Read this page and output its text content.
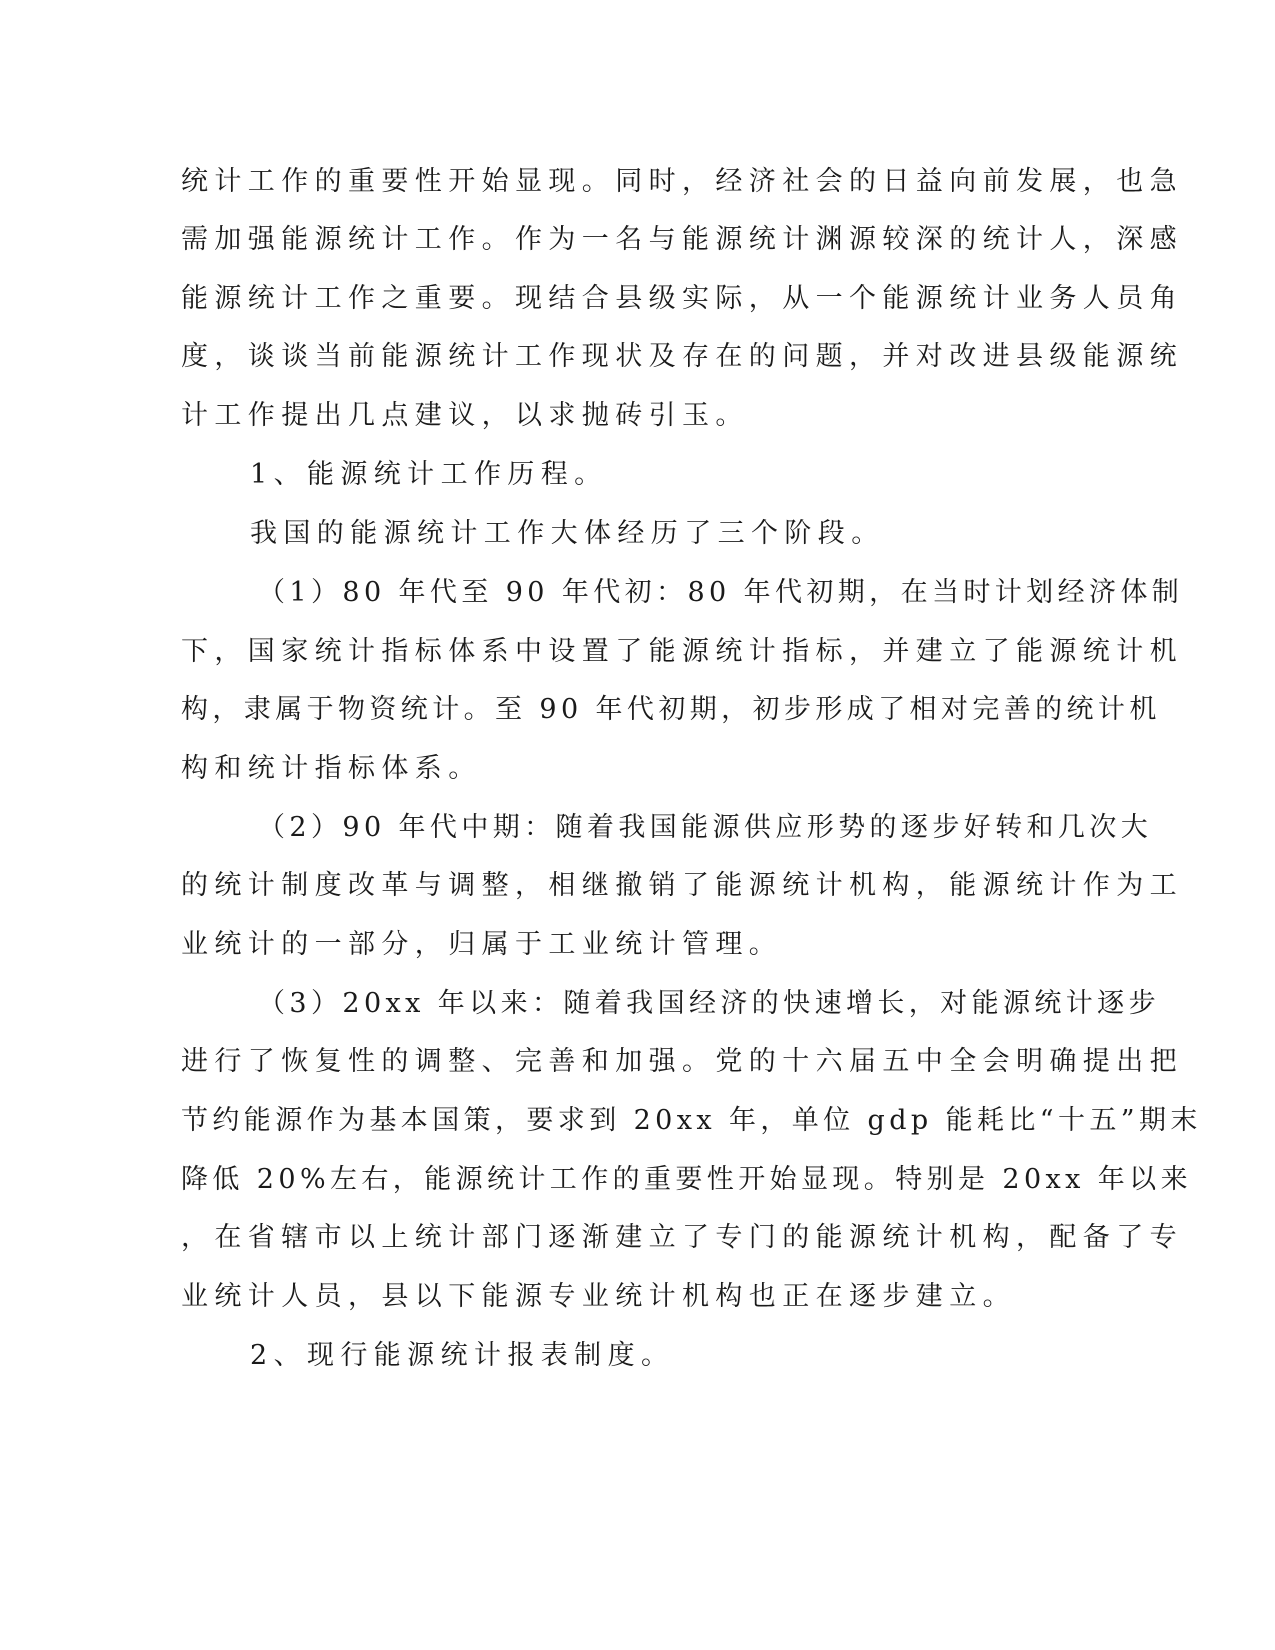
统计工作的重要性开始显现。同时，经济社会的日益向前发展，也急
需加强能源统计工作。作为一名与能源统计渊源较深的统计人，深感
能源统计工作之重要。现结合县级实际，从一个能源统计业务人员角
度，谈谈当前能源统计工作现状及存在的问题，并对改进县级能源统
计工作提出几点建议，以求抛砖引玉。
1、能源统计工作历程。
我国的能源统计工作大体经历了三个阶段。
（1）80 年代至 90 年代初：80 年代初期，在当时计划经济体制
下，国家统计指标体系中设置了能源统计指标，并建立了能源统计机
构，隶属于物资统计。至 90 年代初期，初步形成了相对完善的统计机
构和统计指标体系。
（2）90 年代中期：随着我国能源供应形势的逐步好转和几次大
的统计制度改革与调整，相继撤销了能源统计机构，能源统计作为工
业统计的一部分，归属于工业统计管理。
（3）20xx 年以来：随着我国经济的快速增长，对能源统计逐步
进行了恢复性的调整、完善和加强。党的十六届五中全会明确提出把
节约能源作为基本国策，要求到 20xx 年，单位 gdp 能耗比“十五”期末
降低 20%左右，能源统计工作的重要性开始显现。特别是 20xx 年以来
，在省辖市以上统计部门逐渐建立了专门的能源统计机构，配备了专
业统计人员，县以下能源专业统计机构也正在逐步建立。
2、现行能源统计报表制度。
